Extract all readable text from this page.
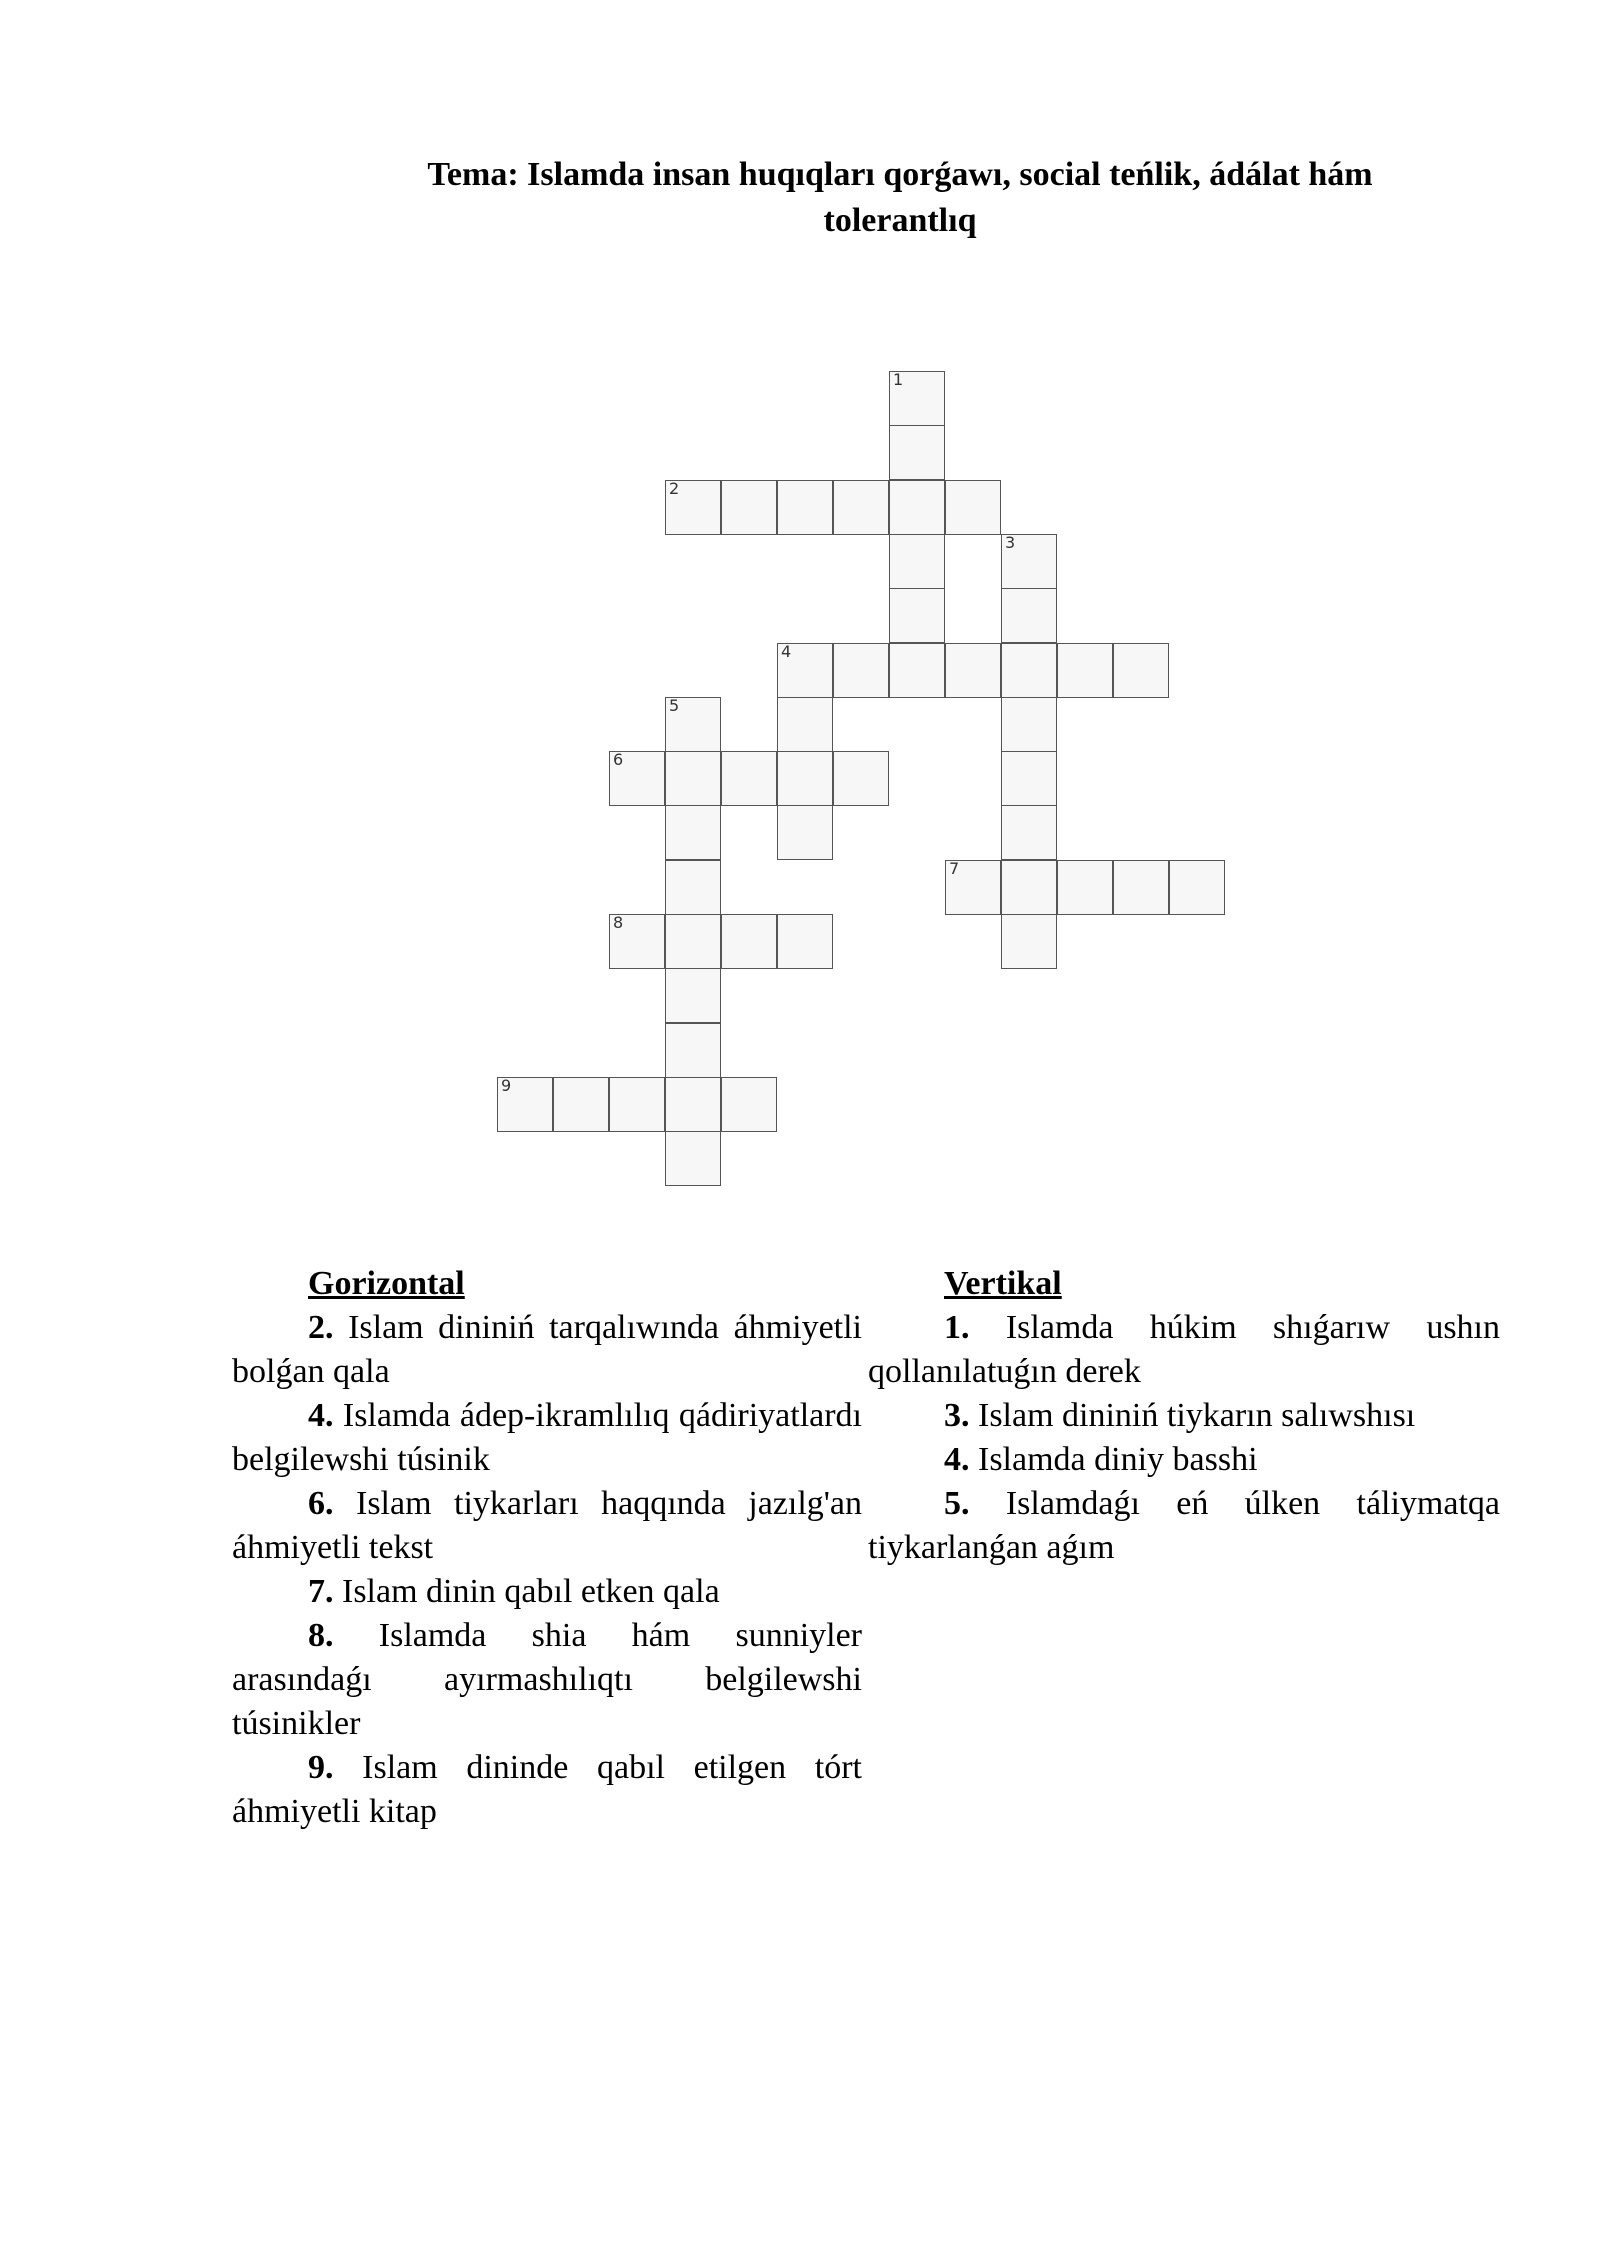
Tema: Islamda insan huqıqları qorǵawı, social teńlik, ádálat hám tolerantlıq
1
2
3
4
5
6
7
8
9
Gorizontal
2. Islam dininiń tarqalıwında áhmiyetli bolǵan qala
4. Islamda ádep-ikramlılıq qádiriyatlardı belgilewshi túsinik
6. Islam tiykarları haqqında jazılg'an áhmiyetli tekst
7. Islam dinin qabıl etken qala
8. Islamda shia hám sunniyler arasındaǵı ayırmashılıqtı belgilewshi túsinikler
9. Islam dininde qabıl etilgen tórt áhmiyetli kitap
Vertikal
1. Islamda húkim shıǵarıw ushın qollanılatuǵın derek
3. Islam dininiń tiykarın salıwshısı
4. Islamda diniy basshi
5. Islamdaǵı eń úlken táliymatqa tiykarlanǵan aǵım
